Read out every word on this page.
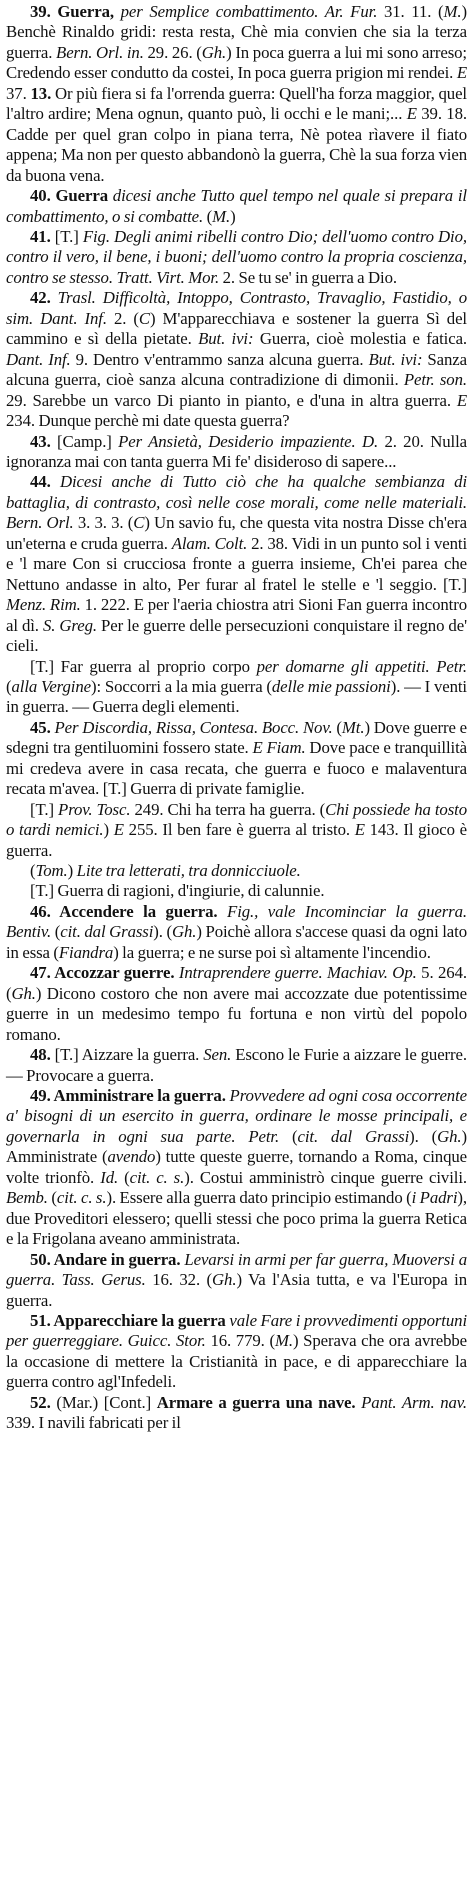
39. Guerra, per Semplice combattimento. Ar. Fur. 31. 11. (M.) Benchè Rinaldo gridi: resta resta, Chè mia convien che sia la terza guerra. Bern. Orl. in. 29. 26. (Gh.) In poca guerra a lui mi sono arreso; Credendo esser condutto da costei, In poca guerra prigion mi rendei. E 37. 13. Or più fiera si fa l'orrenda guerra: Quell'ha forza maggior, quel l'altro ardire; Mena ognun, quanto può, li occhi e le mani;... E 39. 18. Cadde per quel gran colpo in piana terra, Nè potea rìavere il fiato appena; Ma non per questo abbandonò la guerra, Chè la sua forza vien da buona vena.

40. Guerra dicesi anche Tutto quel tempo nel quale si prepara il combattimento, o si combatte. (M.)

41. [T.] Fig. Degli animi ribelli contro Dio; dell'uomo contro Dio, contro il vero, il bene, i buoni; dell'uomo contro la propria coscienza, contro se stesso. Tratt. Virt. Mor. 2. Se tu se' in guerra a Dio.

42. Trasl. Difficoltà, Intoppo, Contrasto, Travaglio, Fastidio, o sim. Dant. Inf. 2. (C) M'apparecchiava e sostener la guerra Sì del cammino e sì della pietate. But. ivi: Guerra, cioè molestia e fatica. Dant. Inf. 9. Dentro v'entrammo sanza alcuna guerra. But. ivi: Sanza alcuna guerra, cioè sanza alcuna contradizione di dimonii. Petr. son. 29. Sarebbe un varco Di pianto in pianto, e d'una in altra guerra. E 234. Dunque perchè mi date questa guerra?

43. [Camp.] Per Ansietà, Desiderio impaziente. D. 2. 20. Nulla ignoranza mai con tanta guerra Mi fe' disideroso di sapere...

44. Dicesi anche di Tutto ciò che ha qualche sembianza di battaglia, di contrasto, così nelle cose morali, come nelle materiali. Bern. Orl. 3. 3. 3. (C) Un savio fu, che questa vita nostra Disse ch'era un'eterna e cruda guerra. Alam. Colt. 2. 38. Vidi in un punto sol i venti e 'l mare Con si crucciosa fronte a guerra insieme, Ch'ei parea che Nettuno andasse in alto, Per furar al fratel le stelle e 'l seggio. [T.] Menz. Rim. 1. 222. E per l'aeria chiostra atri Sioni Fan guerra incontro al dì. S. Greg. Per le guerre delle persecuzioni conquistare il regno de' cieli.

[T.] Far guerra al proprio corpo per domarne gli appetiti. Petr. (alla Vergine): Soccorri a la mia guerra (delle mie passioni). — I venti in guerra. — Guerra degli elementi.

45. Per Discordia, Rissa, Contesa. Bocc. Nov. (Mt.) Dove guerre e sdegni tra gentiluomini fossero state. E Fiam. Dove pace e tranquillità mi credeva avere in casa recata, che guerra e fuoco e malaventura recata m'avea. [T.] Guerra di private famiglie.

[T.] Prov. Tosc. 249. Chi ha terra ha guerra. (Chi possiede ha tosto o tardi nemici.) E 255. Il ben fare è guerra al tristo. E 143. Il gioco è guerra.

(Tom.) Lite tra letterati, tra donnicciuole.

[T.] Guerra di ragioni, d'ingiurie, di calunnie.

46. Accendere la guerra. Fig., vale Incominciar la guerra. Bentiv. (cit. dal Grassi). (Gh.) Poichè allora s'accese quasi da ogni lato in essa (Fiandra) la guerra; e ne surse poi sì altamente l'incendio.

47. Accozzar guerre. Intraprendere guerre. Machiav. Op. 5. 264. (Gh.) Dicono costoro che non avere mai accozzate due potentissime guerre in un medesimo tempo fu fortuna e non virtù del popolo romano.

48. [T.] Aizzare la guerra. Sen. Escono le Furie a aizzare le guerre. — Provocare a guerra.

49. Amministrare la guerra. Provvedere ad ogni cosa occorrente a' bisogni di un esercito in guerra, ordinare le mosse principali, e governarla in ogni sua parte. Petr. (cit. dal Grassi). (Gh.) Amministrate (avendo) tutte queste guerre, tornando a Roma, cinque volte trionfò. Id. (cit. c. s.). Costui amministrò cinque guerre civili. Bemb. (cit. c. s.). Essere alla guerra dato principio estimando (i Padri), due Proveditori elessero; quelli stessi che poco prima la guerra Retica e la Frigolana aveano amministrata.

50. Andare in guerra. Levarsi in armi per far guerra, Muoversi a guerra. Tass. Gerus. 16. 32. (Gh.) Va l'Asia tutta, e va l'Europa in guerra.

51. Apparecchiare la guerra vale Fare i provvedimenti opportuni per guerreggiare. Guicc. Stor. 16. 779. (M.) Sperava che ora avrebbe la occasione di mettere la Cristianità in pace, e di apparecchiare la guerra contro agl'Infedeli.

52. (Mar.) [Cont.] Armare a guerra una nave. Pant. Arm. nav. 339. I navili fabricati per il
